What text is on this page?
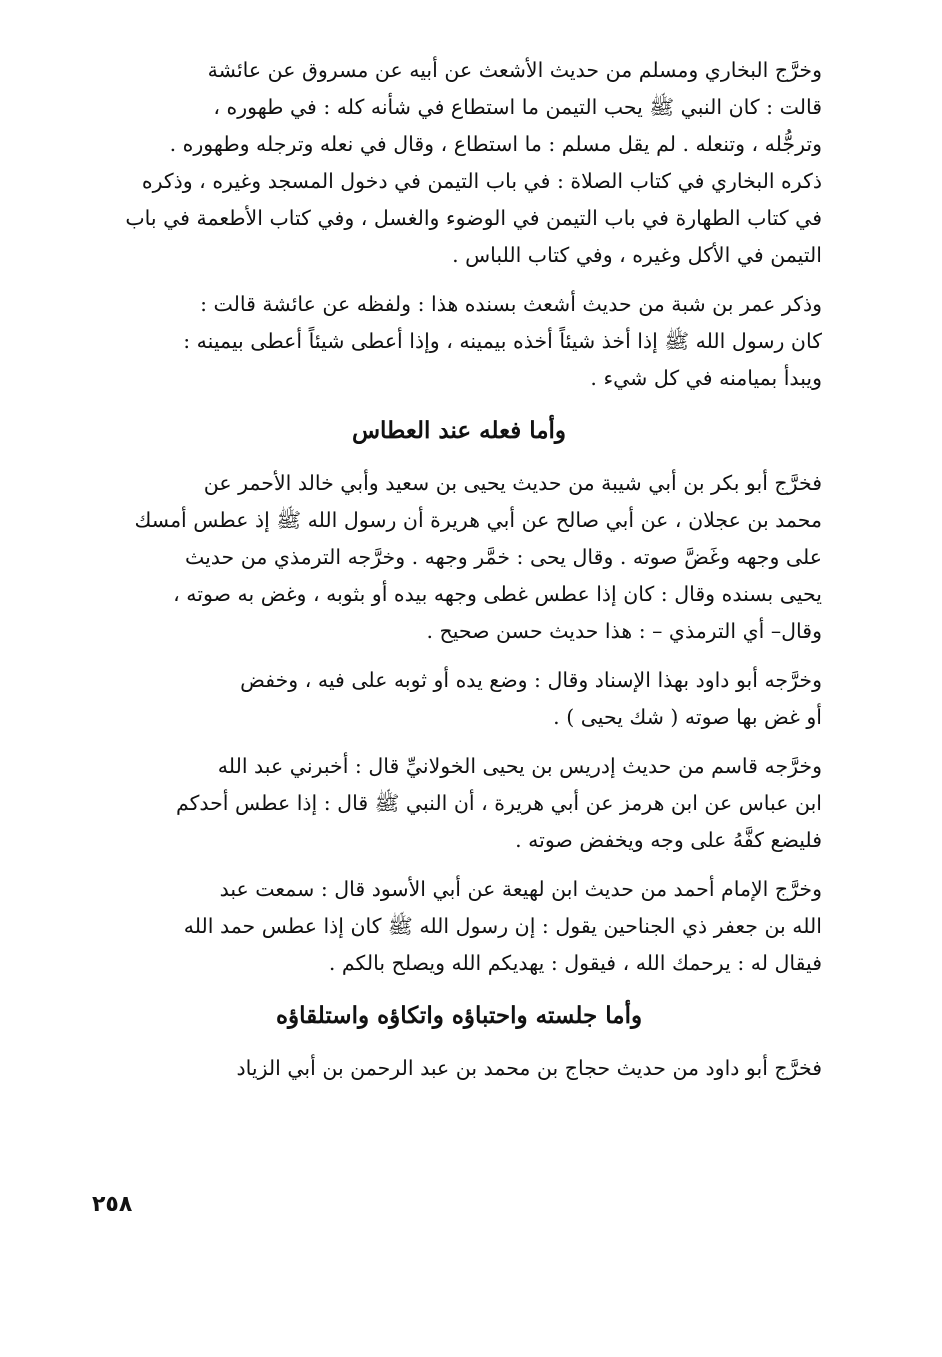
وخرَّج البخاري ومسلم من حديث الأشعث عن أبيه عن مسروق عن عائشة
قالت : كان النبي ﷺ يحب التيمن ما استطاع في شأنه كله : في طهوره ،
وترجُّله ، وتنعله . لم يقل مسلم : ما استطاع ، وقال في نعله وترجله وطهوره .
ذكره البخاري في كتاب الصلاة : في باب التيمن في دخول المسجد وغيره ، وذكره
في كتاب الطهارة في باب التيمن في الوضوء والغسل ، وفي كتاب الأطعمة في باب
التيمن في الأكل وغيره ، وفي كتاب اللباس .

وذكر عمر بن شبة من حديث أشعث بسنده هذا : ولفظه عن عائشة قالت :
كان رسول الله ﷺ إذا أخذ شيئاً أخذه بيمينه ، وإذا أعطى شيئاً أعطى بيمينه :
ويبدأ بميامنه في كل شيء .

وأما فعله عند العطاس

فخرَّج أبو بكر بن أبي شيبة من حديث يحيى بن سعيد وأبي خالد الأحمر عن
محمد بن عجلان ، عن أبي صالح عن أبي هريرة أن رسول الله ﷺ إذ عطس أمسك
على وجهه وغَضَّ صوته . وقال يحى : خمَّر وجهه . وخرَّجه الترمذي من حديث
يحيى بسنده وقال : كان إذا عطس غطى وجهه بيده أو بثوبه ، وغض به صوته ،
وقال– أي الترمذي – : هذا حديث حسن صحيح .

وخرَّجه أبو داود بهذا الإسناد وقال : وضع يده أو ثوبه على فيه ، وخفض
أو غض بها صوته ( شك يحيى ) .

وخرَّجه قاسم من حديث إدريس بن يحيى الخولانيِّ قال : أخبرني عبد الله
ابن عباس عن ابن هرمز عن أبي هريرة ، أن النبي ﷺ قال : إذا عطس أحدكم
فليضع كفَّهُ على وجه ويخفض صوته .

وخرَّج الإمام أحمد من حديث ابن لهيعة عن أبي الأسود قال : سمعت عبد
الله بن جعفر ذي الجناحين يقول : إن رسول الله ﷺ كان إذا عطس حمد الله
فيقال له : يرحمك الله ، فيقول : يهديكم الله ويصلح بالكم .

وأما جلسته واحتباؤه واتكاؤه واستلقاؤه

فخرَّج أبو داود من حديث حجاج بن محمد بن عبد الرحمن بن أبي الزياد

٢٥٨
